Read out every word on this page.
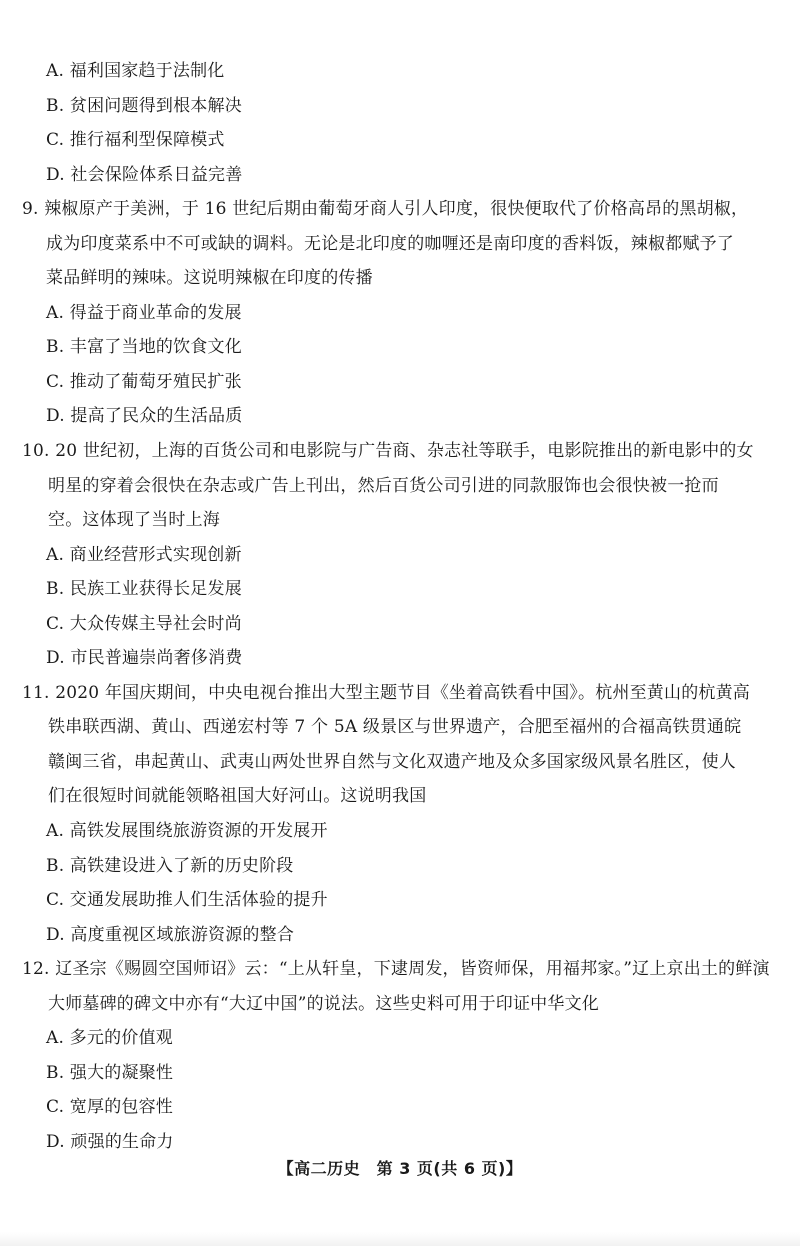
A. 福利国家趋于法制化
B. 贫困问题得到根本解决
C. 推行福利型保障模式
D. 社会保险体系日益完善
9. 辣椒原产于美洲，于 16 世纪后期由葡萄牙商人引人印度，很快便取代了价格高昂的黑胡椒，
成为印度菜系中不可或缺的调料。无论是北印度的咖喱还是南印度的香料饭，辣椒都赋予了
菜品鲜明的辣味。这说明辣椒在印度的传播
A. 得益于商业革命的发展
B. 丰富了当地的饮食文化
C. 推动了葡萄牙殖民扩张
D. 提高了民众的生活品质
10. 20 世纪初，上海的百货公司和电影院与广告商、杂志社等联手，电影院推出的新电影中的女
明星的穿着会很快在杂志或广告上刊出，然后百货公司引进的同款服饰也会很快被一抢而
空。这体现了当时上海
A. 商业经营形式实现创新
B. 民族工业获得长足发展
C. 大众传媒主导社会时尚
D. 市民普遍崇尚奢侈消费
11. 2020 年国庆期间，中央电视台推出大型主题节目《坐着高铁看中国》。杭州至黄山的杭黄高
铁串联西湖、黄山、西递宏村等 7 个 5A 级景区与世界遗产，合肥至福州的合福高铁贯通皖
赣闽三省，串起黄山、武夷山两处世界自然与文化双遗产地及众多国家级风景名胜区，使人
们在很短时间就能领略祖国大好河山。这说明我国
A. 高铁发展围绕旅游资源的开发展开
B. 高铁建设进入了新的历史阶段
C. 交通发展助推人们生活体验的提升
D. 高度重视区域旅游资源的整合
12. 辽圣宗《赐圆空国师诏》云：“上从轩皇，下逮周发，皆资师保，用福邦家。”辽上京出土的鲜演
大师墓碑的碑文中亦有“大辽中国”的说法。这些史料可用于印证中华文化
A. 多元的价值观
B. 强大的凝聚性
C. 宽厚的包容性
D. 顽强的生命力
【高二历史　第 3 页(共 6 页)】
